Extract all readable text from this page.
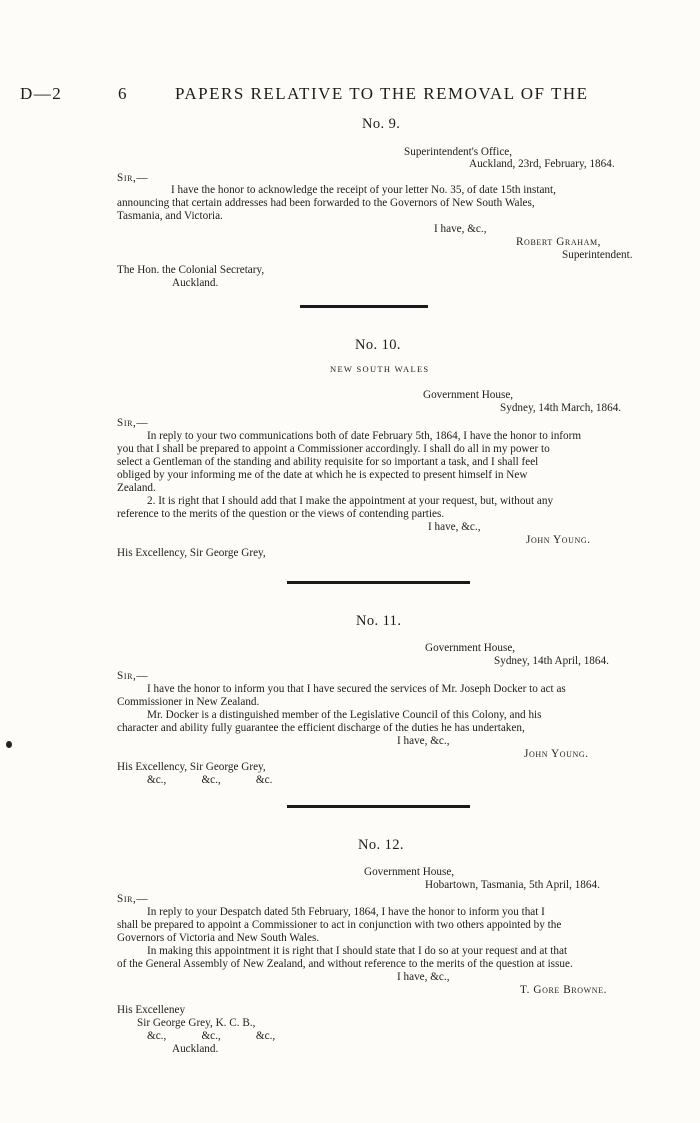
D—2	6	PAPERS RELATIVE TO THE REMOVAL OF THE
No. 9.
Superintendent's Office,
Auckland, 23rd, February, 1864.
Sir,—
I have the honor to acknowledge the receipt of your letter No. 35, of date 15th instant,
announcing that certain addresses had been forwarded to the Governors of New South Wales,
Tasmania, and Victoria.
I have, &c.,
Robert Graham,
Superintendent.
The Hon. the Colonial Secretary,
Auckland.
No. 10.
NEW SOUTH WALES
Government House,
Sydney, 14th March, 1864.
Sir,—
In reply to your two communications both of date February 5th, 1864, I have the honor to inform
you that I shall be prepared to appoint a Commissioner accordingly. I shall do all in my power to
select a Gentleman of the standing and ability requisite for so important a task, and I shall feel
obliged by your informing me of the date at which he is expected to present himself in New
Zealand.
2. It is right that I should add that I make the appointment at your request, but, without any
reference to the merits of the question or the views of contending parties.
I have, &c.,
John Young.
His Excellency, Sir George Grey,
No. 11.
Government House,
Sydney, 14th April, 1864.
Sir,—
I have the honor to inform you that I have secured the services of Mr. Joseph Docker to act as
Commissioner in New Zealand.
Mr. Docker is a distinguished member of the Legislative Council of this Colony, and his
character and ability fully guarantee the efficient discharge of the duties he has undertaken,
I have, &c.,
John Young.
His Excellency, Sir George Grey,
&c.,    &c.,    &c.
No. 12.
Government House,
Hobartown, Tasmania, 5th April, 1864.
Sir,—
In reply to your Despatch dated 5th February, 1864, I have the honor to inform you that I
shall be prepared to appoint a Commissioner to act in conjunction with two others appointed by the
Governors of Victoria and New South Wales.
In making this appointment it is right that I should state that I do so at your request and at that
of the General Assembly of New Zealand, and without reference to the merits of the question at issue.
I have, &c.,
T. Gore Browne.
His Excelleney
Sir George Grey, K. C. B.,
&c.,    &c.,    &c.,
Auckland.
